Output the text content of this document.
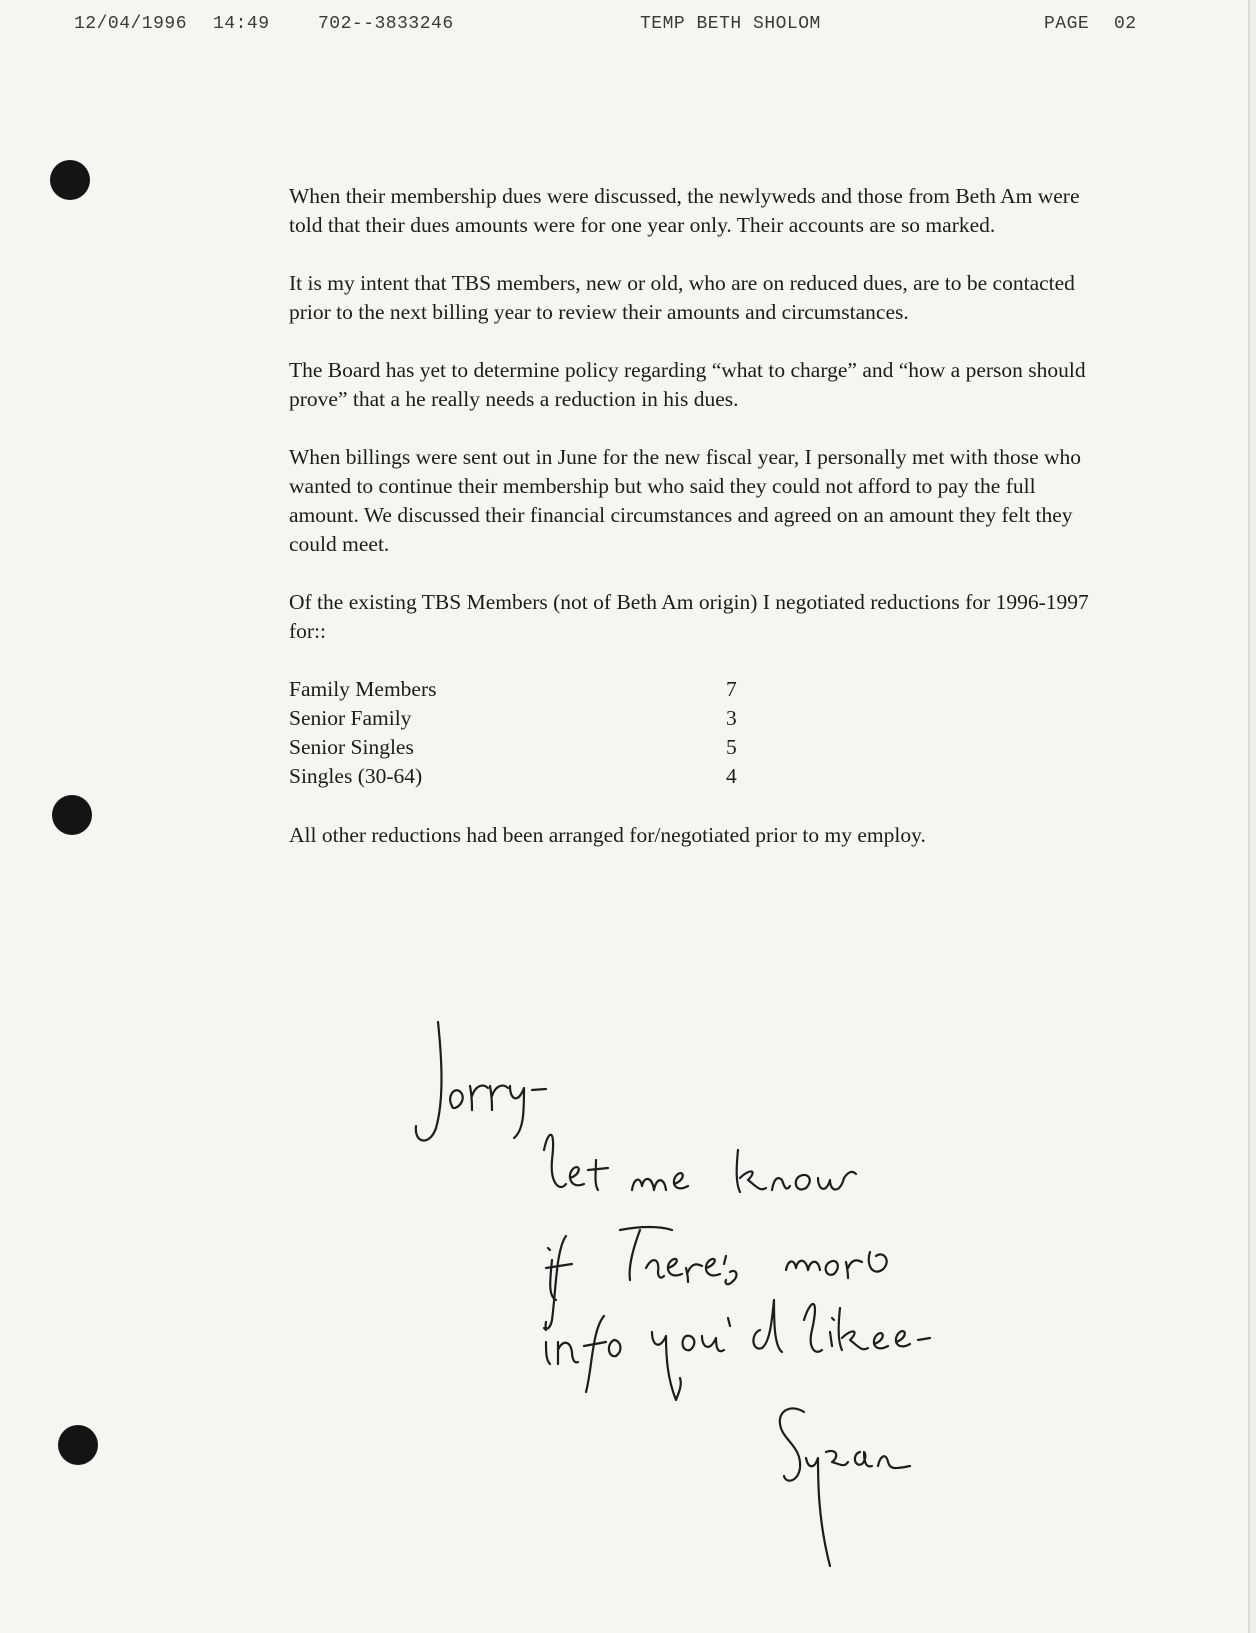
12/04/1996 14:49	702--3833246	TEMP BETH SHOLOM	PAGE 02

When their membership dues were discussed, the newlyweds and those from Beth Am were told that their dues amounts were for one year only. Their accounts are so marked.

It is my intent that TBS members, new or old, who are on reduced dues, are to be contacted prior to the next billing year to review their amounts and circumstances.

The Board has yet to determine policy regarding “what to charge” and “how a person should prove” that a he really needs a reduction in his dues.

When billings were sent out in June for the new fiscal year, I personally met with those who wanted to continue their membership but who said they could not afford to pay the full amount. We discussed their financial circumstances and agreed on an amount they felt they could meet.

Of the existing TBS Members (not of Beth Am origin) I negotiated reductions for 1996-1997 for::

Family Members	7
Senior Family	3
Senior Singles	5
Singles (30-64)	4

All other reductions had been arranged for/negotiated prior to my employ.
